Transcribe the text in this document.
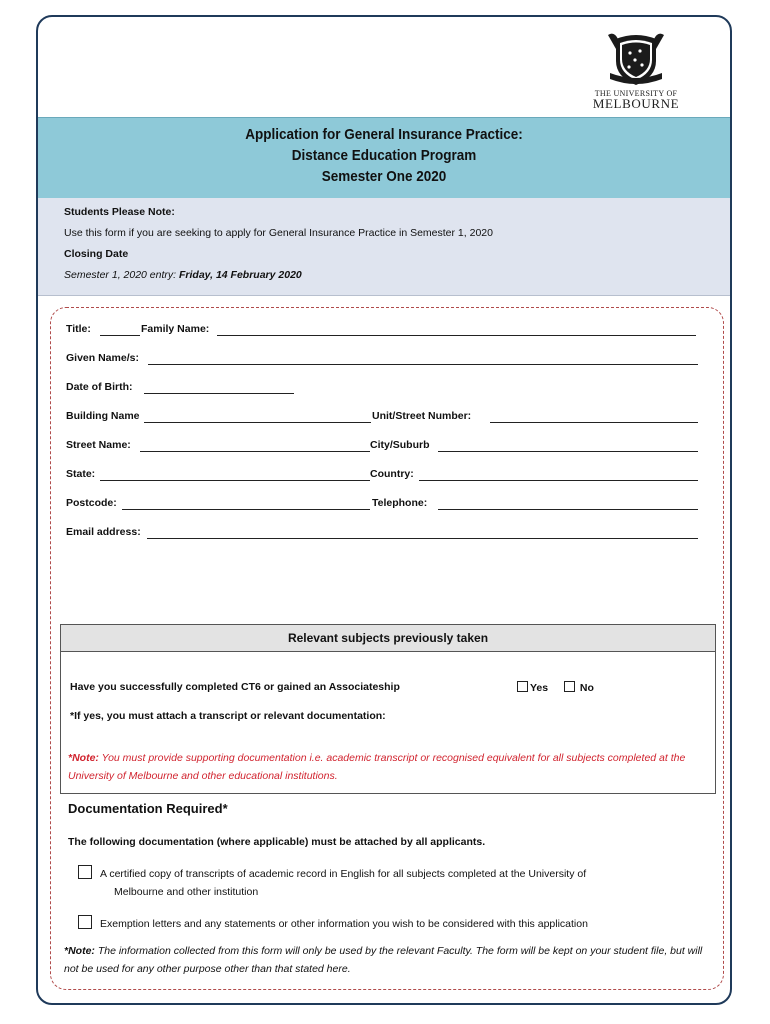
THE UNIVERSITY OF
MELBOURNE
Application for General Insurance Practice:
Distance Education Program
Semester One 2020
Students Please Note:
Use this form if you are seeking to apply for General Insurance Practice in Semester 1, 2020
Closing Date
Semester 1, 2020 entry: Friday, 14 February 2020
Title:	Family Name:
Given Name/s:
Date of Birth:
Building Name	Unit/Street Number:
Street Name:	City/Suburb
State:	Country:
Postcode:	Telephone:
Email address:
Relevant subjects previously taken
Have you successfully completed CT6 or gained an Associateship	Yes	No
*If yes, you must attach a transcript or relevant documentation:
*Note: You must provide supporting documentation i.e. academic transcript or recognised equivalent for all subjects completed at the University of Melbourne and other educational institutions.
Documentation Required*
The following documentation (where applicable) must be attached by all applicants.
A certified copy of transcripts of academic record in English for all subjects completed at the University of
Melbourne and other institution
Exemption letters and any statements or other information you wish to be considered with this application
*Note: The information collected from this form will only be used by the relevant Faculty. The form will be kept on your student file, but will not be used for any other purpose other than that stated here.
